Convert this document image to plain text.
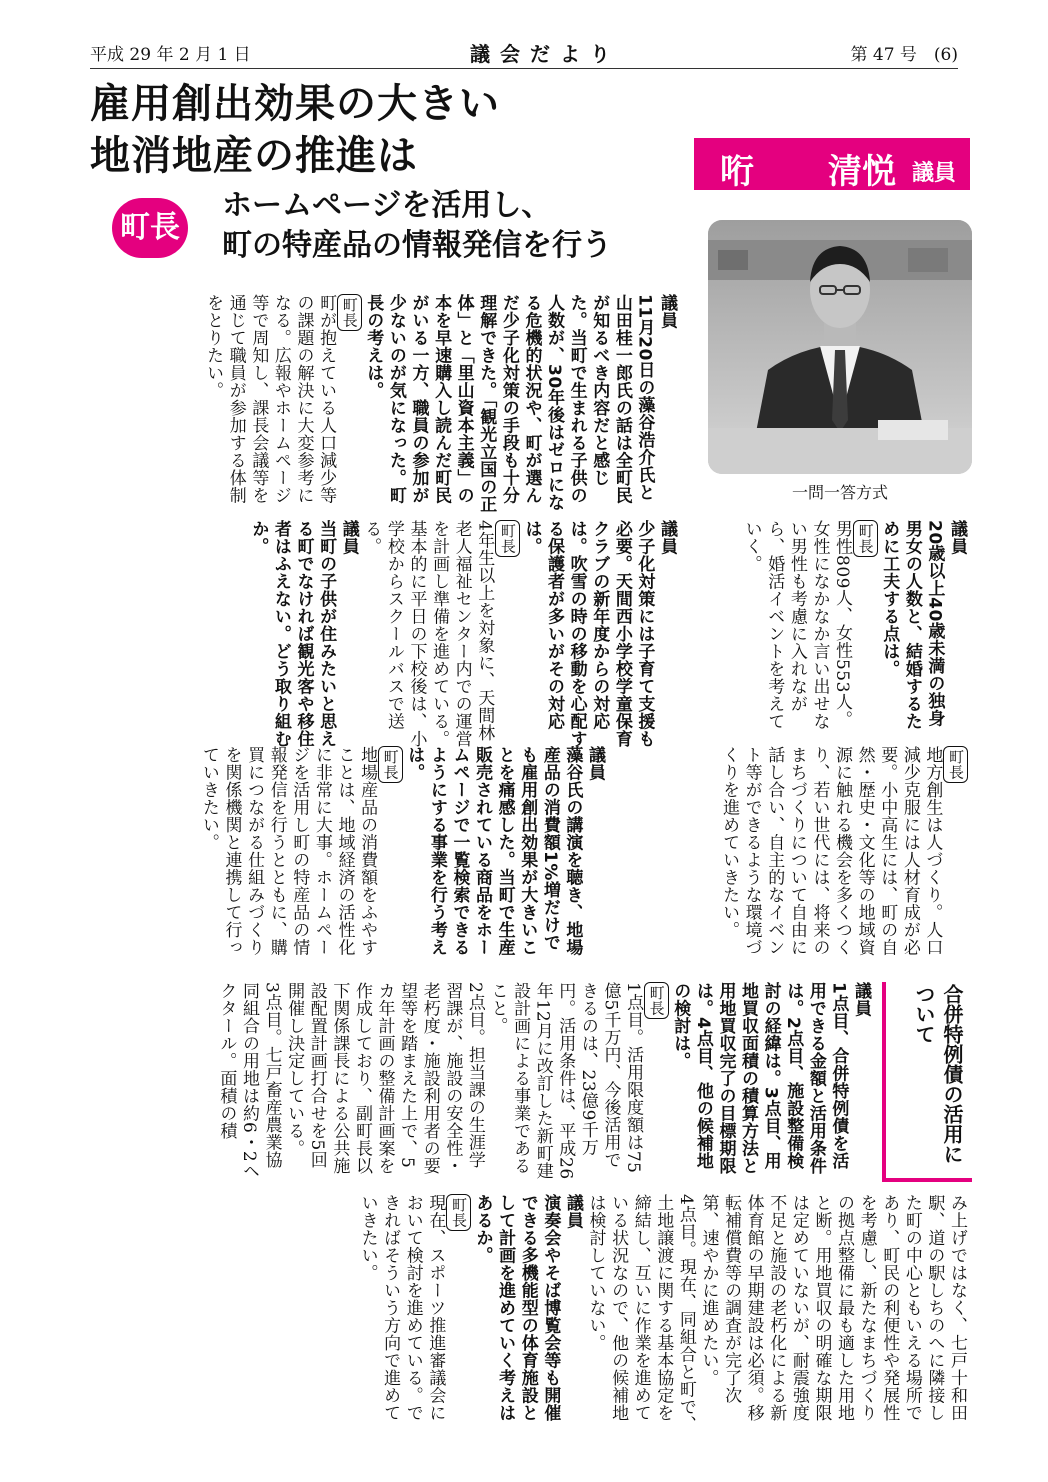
平成 29 年 2 月 1 日	議会だより	第 47 号　(6)
雇用創出効果の大きい
地消地産の推進は
町長
ホームページを活用し、
町の特産品の情報発信を行う
哘 清悦 議員
一問一答方式
議員
11月20日の藻谷浩介氏と山田桂一郎氏の話は全町民が知るべき内容だと感じた。当町で生まれる子供の人数が、30年後はゼロになる危機的状況や、町が選んだ少子化対策の手段も十分理解できた。「観光立国の正体」と「里山資本主義」の本を早速購入し読んだ町民がいる一方、職員の参加が少ないのが気になった。町長の考えは。
町長
町が抱えている人口減少等の課題の解決に大変参考になる。広報やホームページ等で周知し、課長会議等を通じて職員が参加する体制をとりたい。
議員
少子化対策には子育て支援も必要。天間西小学校学童保育クラブの新年度からの対応は。吹雪の時の移動を心配する保護者が多いがその対応は。
町長
4年生以上を対象に、天間林老人福祉センター内での運営を計画し準備を進めている。基本的に平日の下校後は、小学校からスクールバスで送る。
議員
当町の子供が住みたいと思える町でなければ観光客や移住者はふえない。どう取り組むか。	議員
20歳以上40歳未満の独身男女の人数と、結婚するために工夫する点は。
町長
男性809人、女性553人。女性になかなか言い出せない男性も考慮に入れながら、婚活イベントを考えていく。
町長
地方創生は人づくり。人口減少克服には人材育成が必要。小中高生には、町の自然・歴史・文化等の地域資源に触れる機会を多くつくり、若い世代には、将来のまちづくりについて自由に話し合い、自主的なイベント等ができるような環境づくりを進めていきたい。
議員
藻谷氏の講演を聴き、地場産品の消費額1%増だけでも雇用創出効果が大きいことを痛感した。当町で生産販売されている商品をホームページで一覧検索できるようにする事業を行う考えは。
町長
地場産品の消費額をふやすことは、地域経済の活性化に非常に大事。ホームページを活用し町の特産品の情報発信を行うとともに、購買につながる仕組みづくりを関係機関と連携して行っていきたい。
合併特例債の活用について
議員
1点目、合併特例債を活用できる金額と活用条件は。2点目、施設整備検討の経緯は。3点目、用地買収面積の積算方法と用地買収完了の目標期限は。4点目、他の候補地の検討は。
町長
1点目。活用限度額は75億5千万円、今後活用できるのは、23億9千万円。活用条件は、平成26年12月に改訂した新町建設計画による事業であること。
2点目。担当課の生涯学習課が、施設の安全性・老朽度・施設利用者の要望等を踏まえた上で、5カ年計画の整備計画案を作成しており、副町長以下関係課長による公共施設配置計画打合せを5回開催し決定している。
3点目。七戸畜産農業協同組合の用地は約6・2ヘクタール。面積の積
み上げではなく、七戸十和田駅、道の駅しちのへに隣接した町の中心ともいえる場所であり、町民の利便性や発展性を考慮し、新たなまちづくりの拠点整備に最も適した用地と断。用地買収の明確な期限は定めていないが、耐震強度不足と施設の老朽化による新体育館の早期建設は必須。移転補償費等の調査が完了次第、速やかに進めたい。
4点目。現在、同組合と町で、土地譲渡に関する基本協定を締結し、互いに作業を進めている状況なので、他の候補地は検討していない。
議員
演奏会やそば博覧会等も開催できる多機能型の体育施設として計画を進めていく考えはあるか。
町長
現在、スポーツ推進審議会において検討を進めている。できればそういう方向で進めていきたい。
